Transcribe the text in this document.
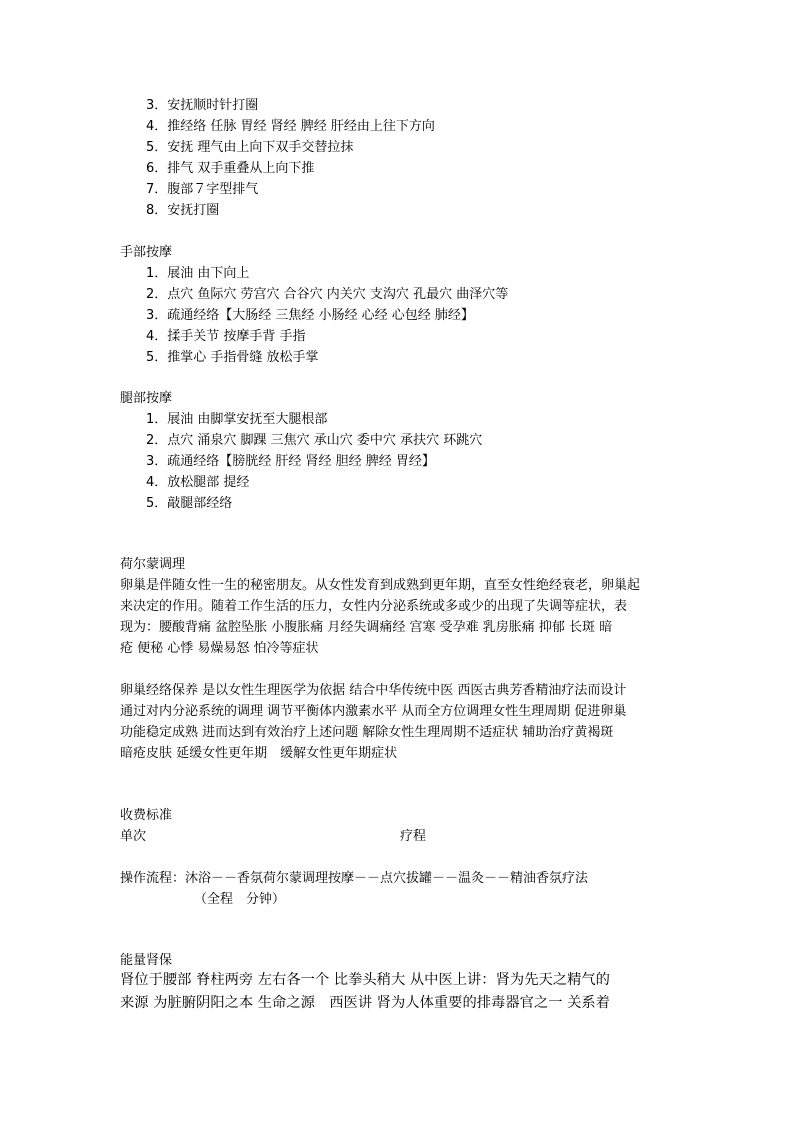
3．安抚顺时针打圈
4．推经络 任脉 胃经 肾经 脾经 肝经由上往下方向
5．安抚 理气由上向下双手交替拉抹
6．排气 双手重叠从上向下推
7．腹部７字型排气
8．安抚打圈
手部按摩
1．展油 由下向上
2．点穴 鱼际穴 劳宫穴 合谷穴 内关穴 支沟穴 孔最穴 曲泽穴等
3．疏通经络【大肠经 三焦经 小肠经 心经 心包经 肺经】
4．揉手关节 按摩手背 手指
5．推掌心 手指骨缝 放松手掌
腿部按摩
1．展油 由脚掌安抚至大腿根部
2．点穴 涌泉穴 脚踝 三焦穴 承山穴 委中穴 承扶穴 环跳穴
3．疏通经络【膀胱经 肝经 肾经 胆经 脾经 胃经】
4．放松腿部 提经
5．敲腿部经络
荷尔蒙调理
卵巢是伴随女性一生的秘密朋友。从女性发育到成熟到更年期，直至女性绝经衰老，卵巢起
来决定的作用。随着工作生活的压力，女性内分泌系统或多或少的出现了失调等症状，表
现为：腰酸背痛 盆腔坠胀 小腹胀痛 月经失调痛经 宫寒 受孕难 乳房胀痛 抑郁 长斑 暗
疮 便秘 心悸 易燥易怒 怕冷等症状
卵巢经络保养 是以女性生理医学为依据 结合中华传统中医 西医古典芳香精油疗法而设计
通过对内分泌系统的调理 调节平衡体内激素水平 从而全方位调理女性生理周期 促进卵巢
功能稳定成熟 进而达到有效治疗上述问题 解除女性生理周期不适症状 辅助治疗黄褐斑
暗疮皮肤 延缓女性更年期　缓解女性更年期症状
收费标准
单次	疗程
操作流程：沐浴－－香氛荷尔蒙调理按摩－－点穴拔罐－－温灸－－精油香氛疗法
（全程　分钟）
能量肾保
肾位于腰部 脊柱两旁 左右各一个 比拳头稍大 从中医上讲：肾为先天之精气的
来源 为脏腑阴阳之本 生命之源　西医讲 肾为人体重要的排毒器官之一 关系着
